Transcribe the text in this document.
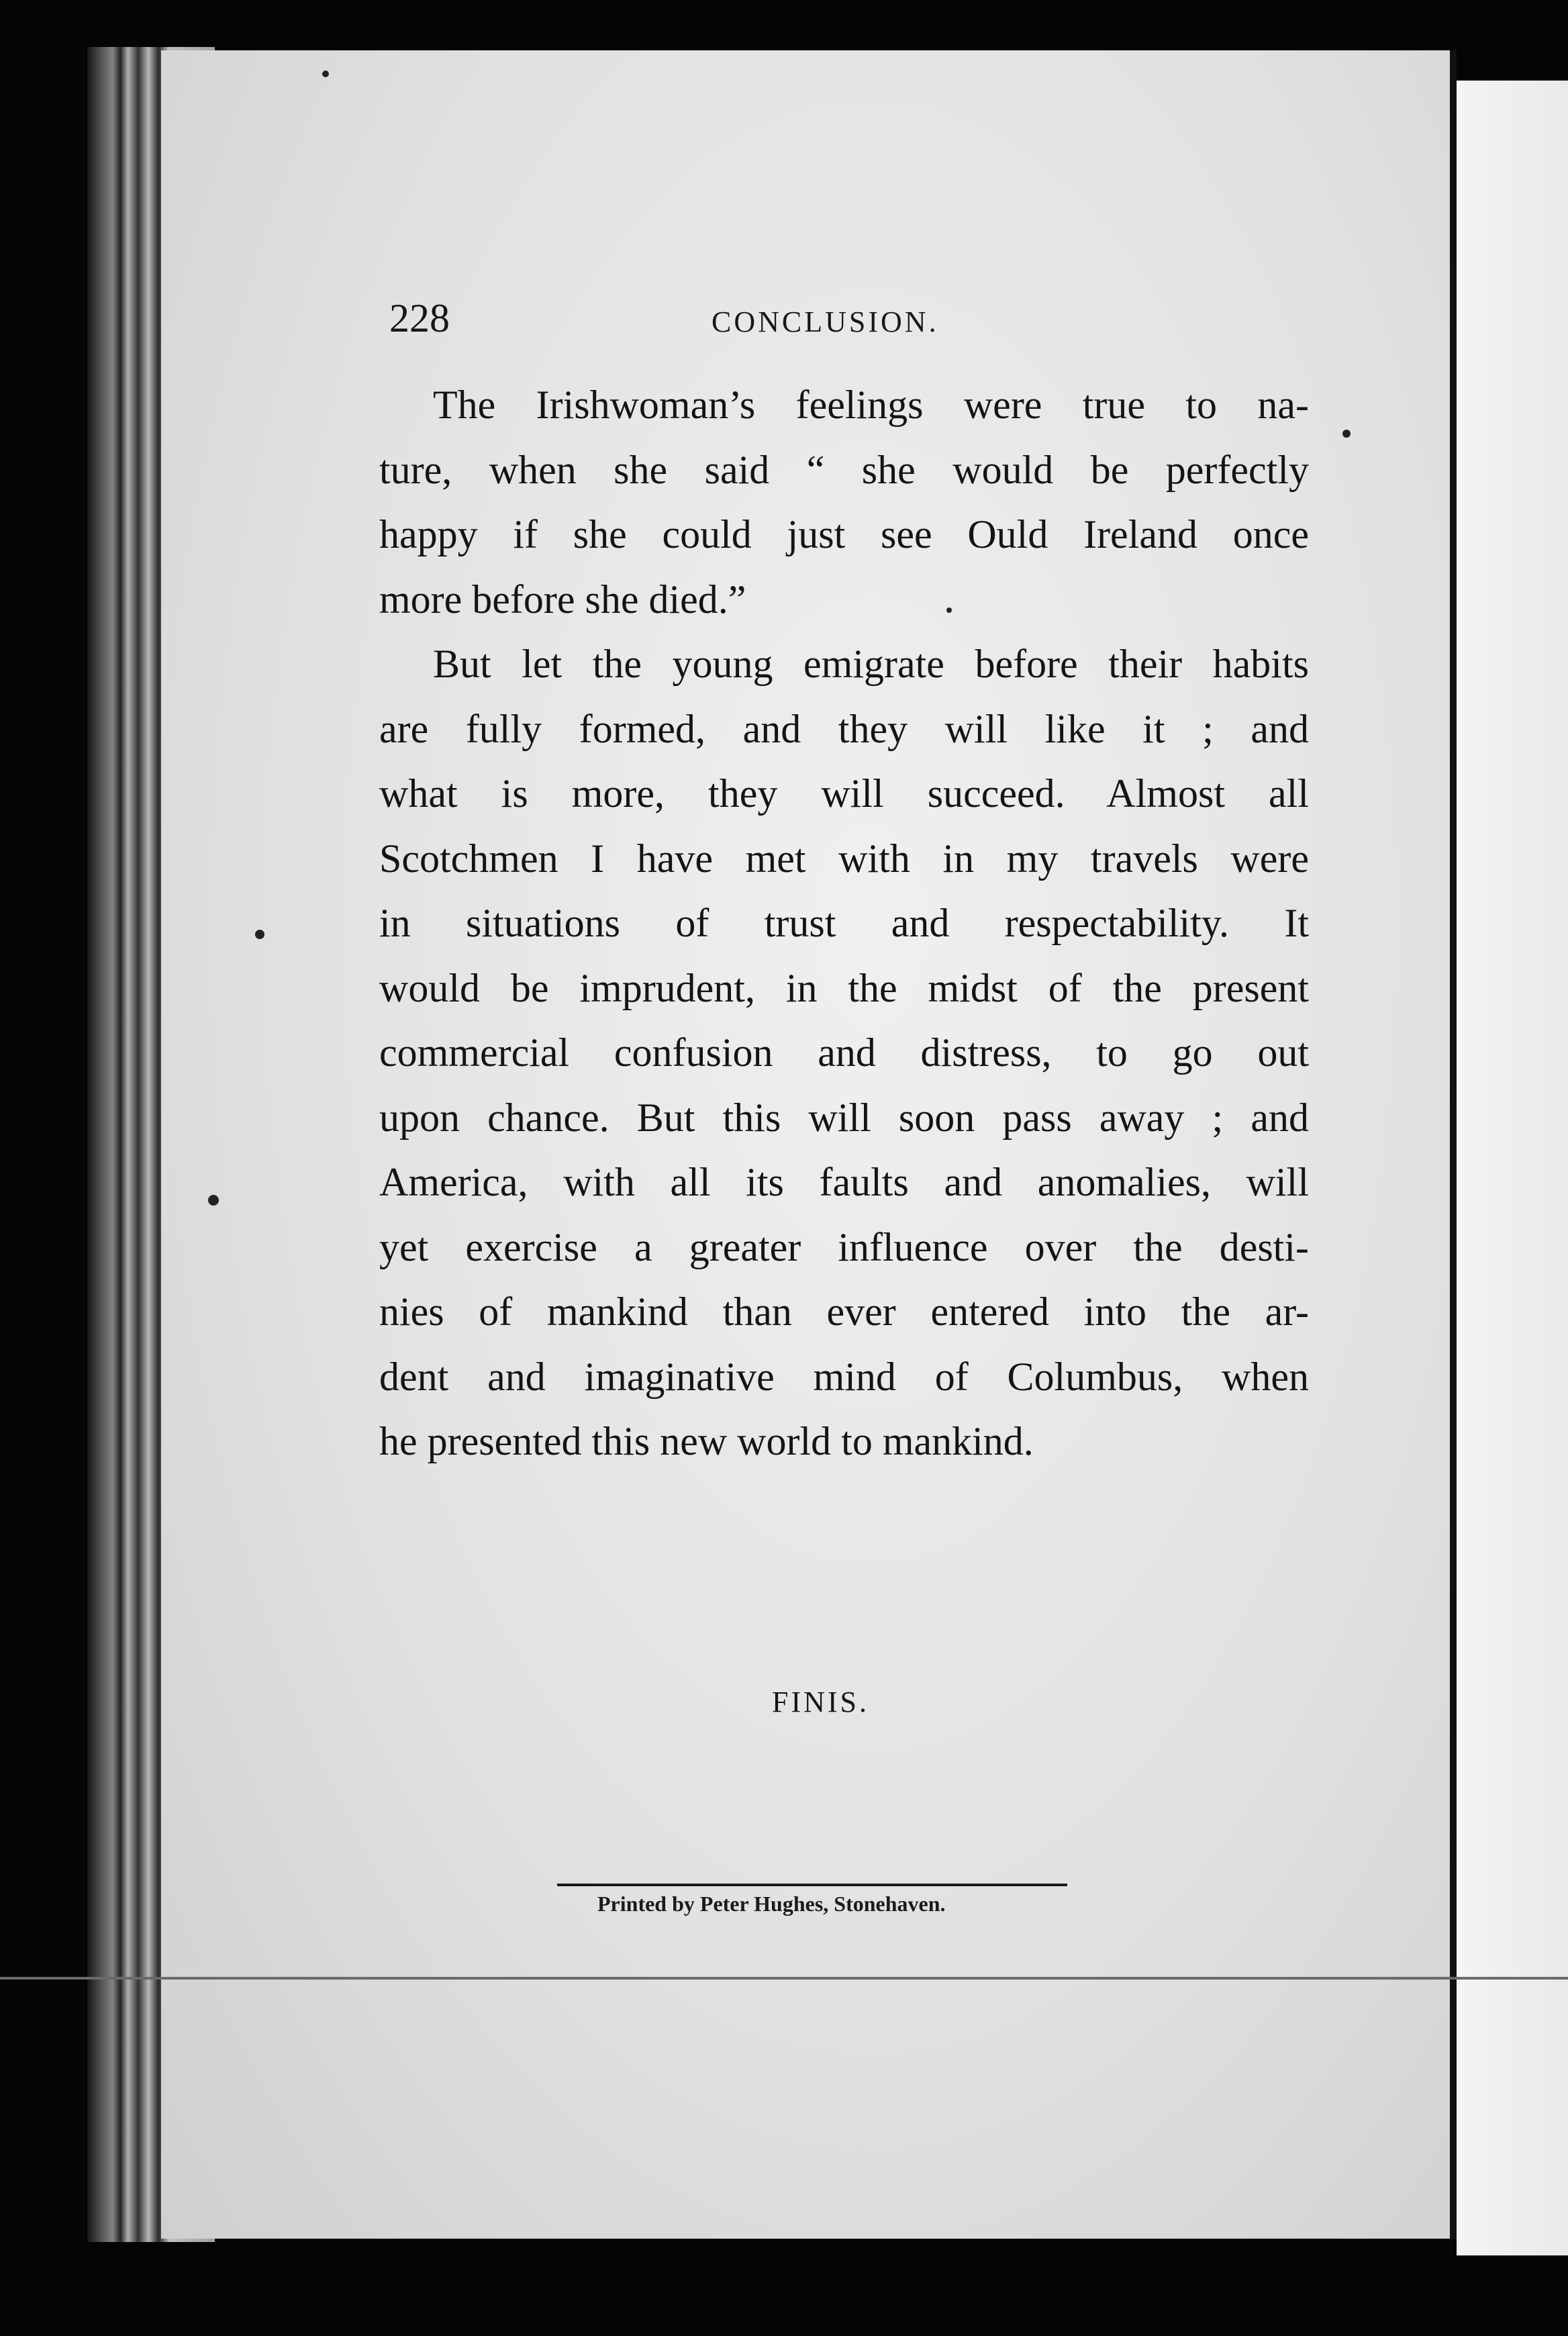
228	CONCLUSION.
The Irishwoman’s feelings were true to na-
ture, when she said “ she would be perfectly
happy if she could just see Ould Ireland once
more before she died.”
But let the young emigrate before their habits
are fully formed, and they will like it ; and
what is more, they will succeed. Almost all
Scotchmen I have met with in my travels were
in situations of trust and respectability. It
would be imprudent, in the midst of the present
commercial confusion and distress, to go out
upon chance. But this will soon pass away ; and
America, with all its faults and anomalies, will
yet exercise a greater influence over the desti-
nies of mankind than ever entered into the ar-
dent and imaginative mind of Columbus, when
he presented this new world to mankind.
FINIS.
Printed by Peter Hughes, Stonehaven.
